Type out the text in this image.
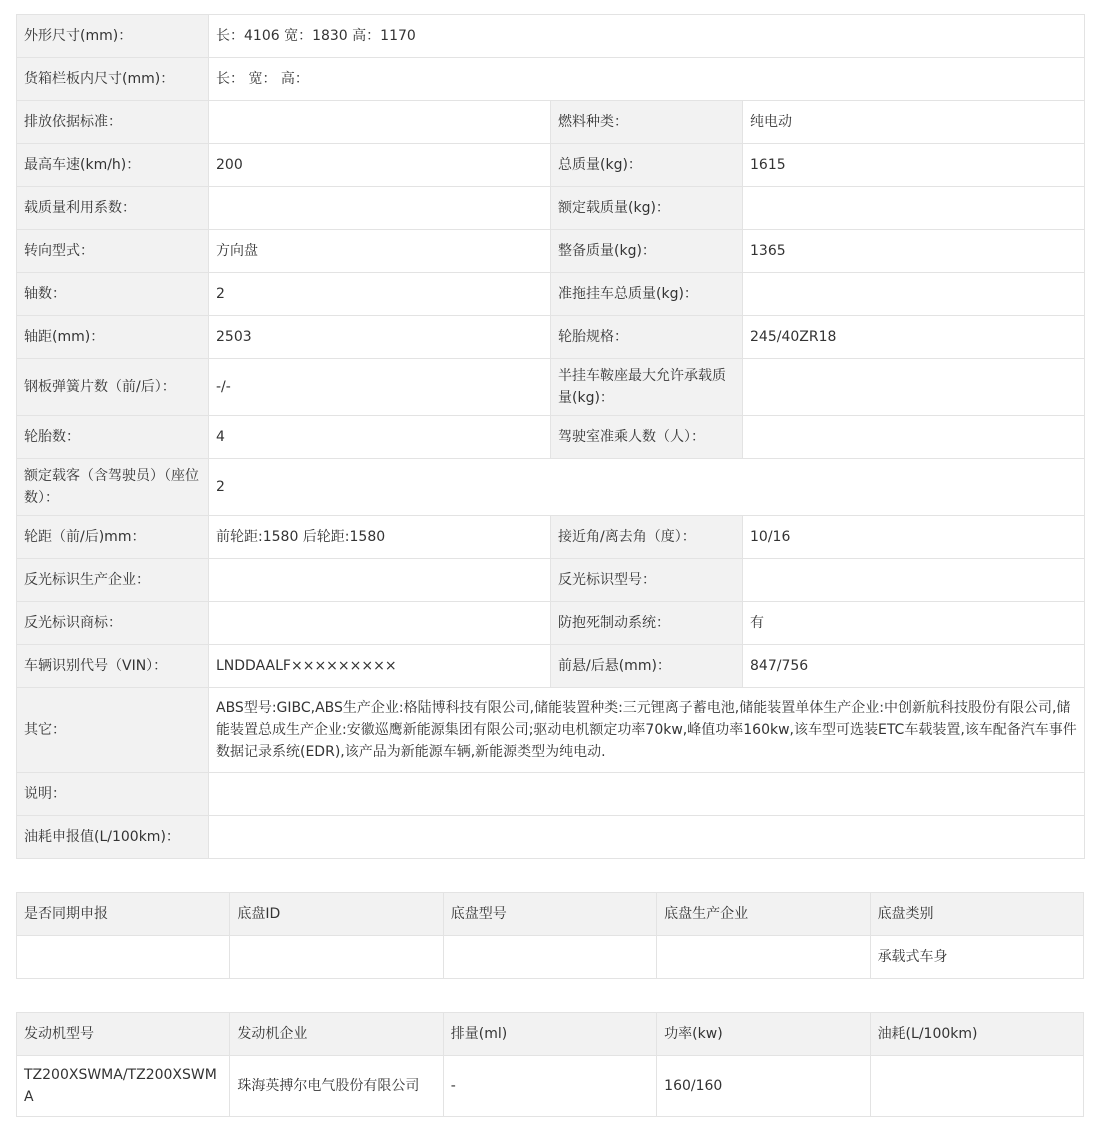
外形尺寸(mm)：	长：4106 宽：1830 高：1170		
货箱栏板内尺寸(mm)：	长： 宽： 高：		
排放依据标准：		燃料种类：	纯电动
最高车速(km/h)：	200	总质量(kg)：	1615
载质量利用系数：		额定载质量(kg)：	
转向型式：	方向盘	整备质量(kg)：	1365
轴数：	2	准拖挂车总质量(kg)：	
轴距(mm)：	2503	轮胎规格：	245/40ZR18
钢板弹簧片数（前/后）：	-/-	半挂车鞍座最大允许承载质量(kg)：	
轮胎数：	4	驾驶室准乘人数（人）：	
额定载客（含驾驶员）（座位数）：	2		
轮距（前/后)mm：	前轮距:1580 后轮距:1580	接近角/离去角（度）：	10/16
反光标识生产企业：		反光标识型号：	
反光标识商标：		防抱死制动系统：	有
车辆识别代号（VIN）：	LNDDAALF×××××××××	前悬/后悬(mm)：	847/756
其它：	ABS型号:GIBC,ABS生产企业:格陆博科技有限公司,储能装置种类:三元锂离子蓄电池,储能装置单体生产企业:中创新航科技股份有限公司,储能装置总成生产企业:安徽巡鹰新能源集团有限公司;驱动电机额定功率70kw,峰值功率160kw,该车型可选装ETC车载装置,该车配备汽车事件数据记录系统(EDR),该产品为新能源车辆,新能源类型为纯电动.		
说明：			
油耗申报值(L/100km)：			
是否同期申报	底盘ID	底盘型号	底盘生产企业	底盘类别
				承载式车身
发动机型号	发动机企业	排量(ml)	功率(kw)	油耗(L/100km)
TZ200XSWMA/TZ200XSWMA	珠海英搏尔电气股份有限公司	-	160/160	
